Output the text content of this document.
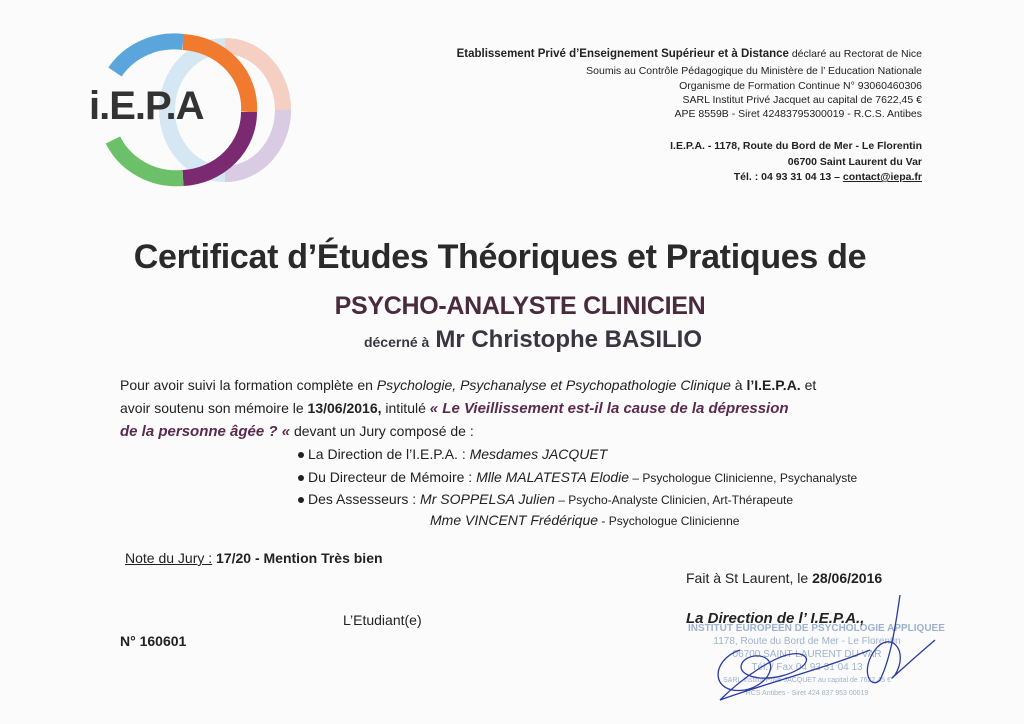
i.E.P.A
Etablissement Privé d’Enseignement Supérieur et à Distance déclaré au Rectorat de Nice
Soumis au Contrôle Pédagogique du Ministère de l’ Education Nationale
Organisme de Formation Continue N° 93060460306
SARL Institut Privé Jacquet au capital de 7622,45 €
APE 8559B - Siret 42483795300019 - R.C.S. Antibes
I.E.P.A. - 1178, Route du Bord de Mer - Le Florentin
06700 Saint Laurent du Var
Tél. : 04 93 31 04 13 – contact@iepa.fr
Certificat d’Études Théoriques et Pratiques de
PSYCHO-ANALYSTE CLINICIEN
décerné à Mr Christophe BASILIO
Pour avoir suivi la formation complète en Psychologie, Psychanalyse et Psychopathologie Clinique à l’I.E.P.A. et
avoir soutenu son mémoire le 13/06/2016, intitulé « Le Vieillissement est-il la cause de la dépression
de la personne âgée ? « devant un Jury composé de :
La Direction de l’I.E.P.A. : Mesdames JACQUET
Du Directeur de Mémoire : Mlle MALATESTA Elodie – Psychologue Clinicienne, Psychanalyste
Des Assesseurs : Mr SOPPELSA Julien – Psycho-Analyste Clinicien, Art-Thérapeute
Mme VINCENT Frédérique - Psychologue Clinicienne
Note du Jury : 17/20 - Mention Très bien
Fait à St Laurent, le 28/06/2016
L’Etudiant(e)
N° 160601
INSTITUT EUROPEEN DE PSYCHOLOGIE APPLIQUEE
1178, Route du Bord de Mer - Le Florentin
06700 SAINT LAURENT DU VAR
Tél. / Fax 04 93 31 04 13
SARL Institut Privé JACQUET au capital de 7622,45 €
RCS Antibes - Siret 424 837 953 00019
La Direction de l’ I.E.P.A.,
